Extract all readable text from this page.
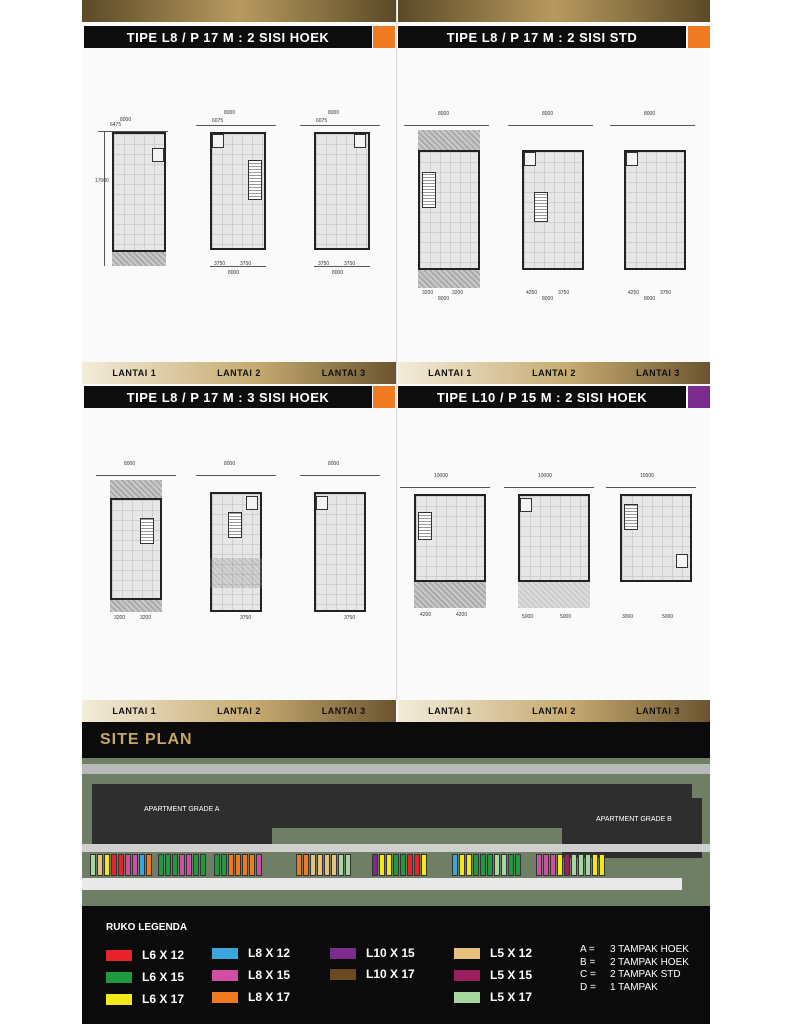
TIPE L8 / P 17 M : 2 SISI HOEK	TIPE L8 / P 17 M : 2 SISI STD
8000
6475
17000
8000
6075
3750	3750
8000
8000
6075
3750	3750
8000
8000
3200	3200
8000
8000
4250	3750
8000
8000
4250	3750
8000
LANTAI 1	LANTAI 2	LANTAI 3	LANTAI 1	LANTAI 2	LANTAI 3
TIPE L8 / P 17 M : 3 SISI HOEK	TIPE L10 / P 15 M : 2 SISI HOEK
8000
3200	3200
8000
3750
8000
3750
10000
4200	4200
10000
5000	5000
10000
3000	5000
LANTAI 1	LANTAI 2	LANTAI 3	LANTAI 1	LANTAI 2	LANTAI 3
SITE PLAN
APARTMENT GRADE A
APARTMENT GRADE B
RUKO LEGENDA
L6 X 12
L6 X 15
L6 X 17
L8 X 12
L8 X 15
L8 X 17
L10 X 15
L10 X 17
L5 X 12
L5 X 15
L5 X 17
A =	3 TAMPAK HOEK
B =	2 TAMPAK HOEK
C =	2 TAMPAK STD
D =	1 TAMPAK
